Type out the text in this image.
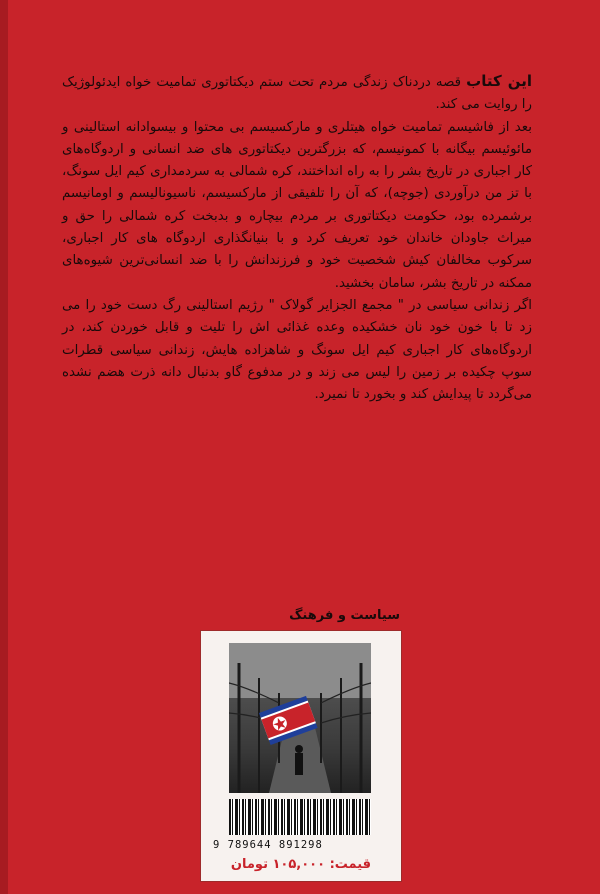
این کتاب قصه دردناک زندگی مردم تحت ستم دیکتاتوری تمامیت خواه ایدئولوژیک را روایت می کند.

بعد از فاشیسم تمامیت خواه هیتلری و مارکسیسم بی محتوا و بیسوادانه استالینی و مائوئیسم بیگانه با کمونیسم، که بزرگترین دیکتاتوری های ضد انسانی و اردوگاه‌های کار اجباری در تاریخ بشر را به راه انداختند، کره شمالی به سردمداری کیم ایل سونگ، با تز من درآوردی (جوچه)، که آن را تلفیقی از مارکسیسم، ناسیونالیسم و اومانیسم برشمرده بود، حکومت دیکتاتوری بر مردم بیچاره و بدبخت کره شمالی را حق و میراث جاودان خاندان خود تعریف کرد و با بنیانگذاری اردوگاه های کار اجباری، سرکوب مخالفان کیش شخصیت خود و فرزندانش را با ضد انسانی‌ترین شیوه‌های ممکنه در تاریخ بشر، سامان بخشید.

اگر زندانی سیاسی در " مجمع الجزایر گولاک " رژیم استالینی رگ دست خود را می زد تا با خون خود نان خشکیده وعده غذائی اش را تلیت و قابل خوردن کند، در اردوگاه‌های کار اجباری کیم ایل سونگ و شاهزاده هایش، زندانی سیاسی قطرات سوپ چکیده بر زمین را لیس می زند و در مدفوع گاو بدنبال دانه ذرت هضم نشده می‌گردد تا پیدایش کند و بخورد تا نمیرد.

سیاست و فرهنگ
9 789644 891298
قیمت: ۱۰۵,۰۰۰ تومان
